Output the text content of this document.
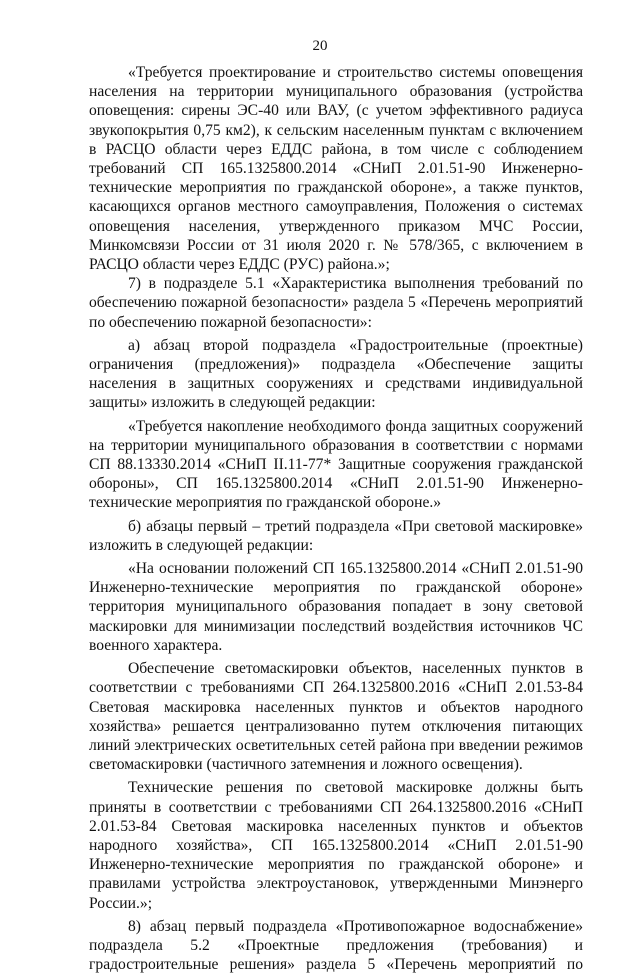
20

«Требуется проектирование и строительство системы оповещения населения на территории муниципального образования (устройства оповещения: сирены ЭС-40 или ВАУ, (с учетом эффективного радиуса звукопокрытия 0,75 км2), к сельским населенным пунктам с включением в РАСЦО области через ЕДДС района, в том числе с соблюдением требований СП 165.1325800.2014 «СНиП 2.01.51-90 Инженерно-технические мероприятия по гражданской обороне», а также пунктов, касающихся органов местного самоуправления, Положения о системах оповещения населения, утвержденного приказом МЧС России, Минкомсвязи России от 31 июля 2020 г. № 578/365, с включением в РАСЦО области через ЕДДС (РУС) района.»;

7) в подразделе 5.1 «Характеристика выполнения требований по обеспечению пожарной безопасности» раздела 5 «Перечень мероприятий по обеспечению пожарной безопасности»:

а) абзац второй подраздела «Градостроительные (проектные) ограничения (предложения)» подраздела «Обеспечение защиты населения в защитных сооружениях и средствами индивидуальной защиты» изложить в следующей редакции:

«Требуется накопление необходимого фонда защитных сооружений на территории муниципального образования в соответствии с нормами СП 88.13330.2014 «СНиП II.11-77* Защитные сооружения гражданской обороны», СП 165.1325800.2014 «СНиП 2.01.51-90 Инженерно-технические мероприятия по гражданской обороне.»

б) абзацы первый – третий подраздела «При световой маскировке» изложить в следующей редакции:

«На основании положений СП 165.1325800.2014 «СНиП 2.01.51-90 Инженерно-технические мероприятия по гражданской обороне» территория муниципального образования попадает в зону световой маскировки для минимизации последствий воздействия источников ЧС военного характера.

Обеспечение светомаскировки объектов, населенных пунктов в соответствии с требованиями СП 264.1325800.2016 «СНиП 2.01.53-84 Световая маскировка населенных пунктов и объектов народного хозяйства» решается централизованно путем отключения питающих линий электрических осветительных сетей района при введении режимов светомаскировки (частичного затемнения и ложного освещения).

Технические решения по световой маскировке должны быть приняты в соответствии с требованиями СП 264.1325800.2016 «СНиП 2.01.53-84 Световая маскировка населенных пунктов и объектов народного хозяйства», СП 165.1325800.2014 «СНиП 2.01.51-90 Инженерно-технические мероприятия по гражданской обороне» и правилами устройства электроустановок, утвержденными Минэнерго России.»;

8) абзац первый подраздела «Противопожарное водоснабжение» подраздела 5.2 «Проектные предложения (требования) и градостроительные решения» раздела 5 «Перечень мероприятий по
